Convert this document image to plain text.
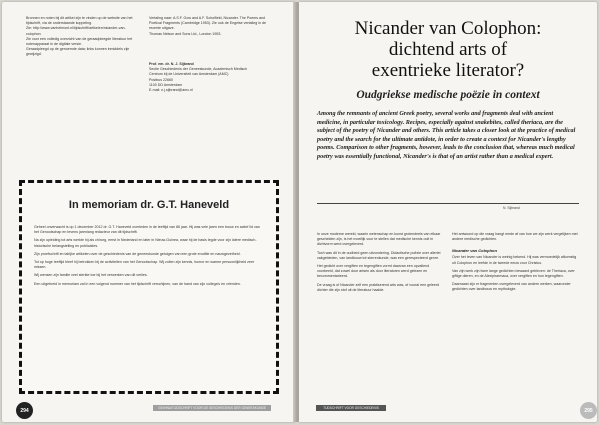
Bronnen en noten bij dit artikel zijn te vinden op de website van het tijdschrift, via de onderstaande koppeling.

Zie: http://www.vanhelmont.nl/tijdschrift/artikelen/nicander-van-colophon

Zie voor een volledig overzicht van de geraadpleegde literatuur het notenapparaat in de digitale versie.

Geraadpleegd op de genoemde data; links kunnen inmiddels zijn gewijzigd.

Vertaling naar: A.S.F. Gow and A.F. Scholfield, Nicander. The Poems and Poetical Fragments (Cambridge 1953). Zie ook de Engelse vertaling in de recente uitgave.

Thomas Nelson and Sons Ltd., London 1953.

Prof. em. dr. N. J. Sijbrand

Sectie Geschiedenis der Geneeskunde, Academisch Medisch

Centrum bij de Universiteit van Amsterdam (AMC)

Postbus 22660

1100 DD Amsterdam

E-mail: n.j.sijbrand@amc.nl

In memoriam dr. G.T. Haneveld

Geheel onverwacht is op 1 december 2012 dr. G.T. Haneveld overleden in de leeftijd van 86 jaar. Hij was vele jaren een trouw en actief lid van het Genootschap en tevens jarenlang redacteur van dit tijdschrift.

Na zijn opleiding tot arts werkte hij als chirurg, eerst in Nederland en later in Nieuw-Guinea, waar hij de basis legde voor zijn latere medisch-historische belangstelling en publicaties.

Zijn proefschrift en talrijke artikelen over de geschiedenis van de geneeskunde getuigen van een grote eruditie en nauwgezetheid.

Tot op hoge leeftijd bleef hij betrokken bij de activiteiten van het Genootschap. Wij zullen zijn kennis, humor en warme persoonlijkheid zeer missen.

Wij wensen zijn familie veel sterkte toe bij het verwerken van dit verlies.

Een uitgebreid in memoriam zal in een volgend nummer van het tijdschrift verschijnen, van de hand van zijn collega's en vrienden.

294	GEWINA/TIJDSCHRIFT VOOR DE GESCHIEDENIS DER GENEESKUNDE
Nicander van Colophon:
dichtend arts of
exentrieke literator?
Oudgriekse medische poëzie in context

Among the remnants of ancient Greek poetry, several works and fragments deal with ancient medicine, in particular toxicology. Recipes, especially against snakebites, called theriaca, are the subject of the poetry of Nicander and others. This article takes a closer look at the practice of medical poetry and the search for the ultimate antidote, in order to create a context for Nicander's lengthy poems. Comparison to other fragments, however, leads to the conclusion that, whereas much medical poetry was essentially functional, Nicander's is that of an artist rather than a medical expert.

N. Sijbrand

In onze moderne wereld, waarin wetenschap en kunst grotendeels van elkaar gescheiden zijn, is het moeilijk voor te stellen dat medische kennis ooit in dichtvorm werd overgeleverd.

Toch was dit in de oudheid geen uitzondering. Didactische poëzie over allerlei vakgebieden, van landbouw tot sterrenkunde, was een gerespecteerd genre.

Het gedicht over vergiften en tegengiften vormt daarvan een opvallend voorbeeld, dat zowel door artsen als door literatoren werd gelezen en becommentarieerd.

De vraag is of Nicander zelf een praktiserend arts was, of vooral een geleerd dichter die zijn stof uit de literatuur haalde.

Het antwoord op die vraag hangt mede af van hoe we zijn werk vergelijken met andere medische gedichten.

Nicander van Colophon

Over het leven van Nicander is weinig bekend. Hij was vermoedelijk afkomstig uit Colophon en leefde in de tweede eeuw voor Christus.

Van zijn werk zijn twee lange gedichten bewaard gebleven: de Theriaca, over giftige dieren, en de Alexipharmaca, over vergiften en hun tegengiften.

Daarnaast zijn er fragmenten overgeleverd van andere werken, waaronder gedichten over landbouw en mythologie.

TIJDSCHRIFT VOOR GESCHIEDENIS	295
